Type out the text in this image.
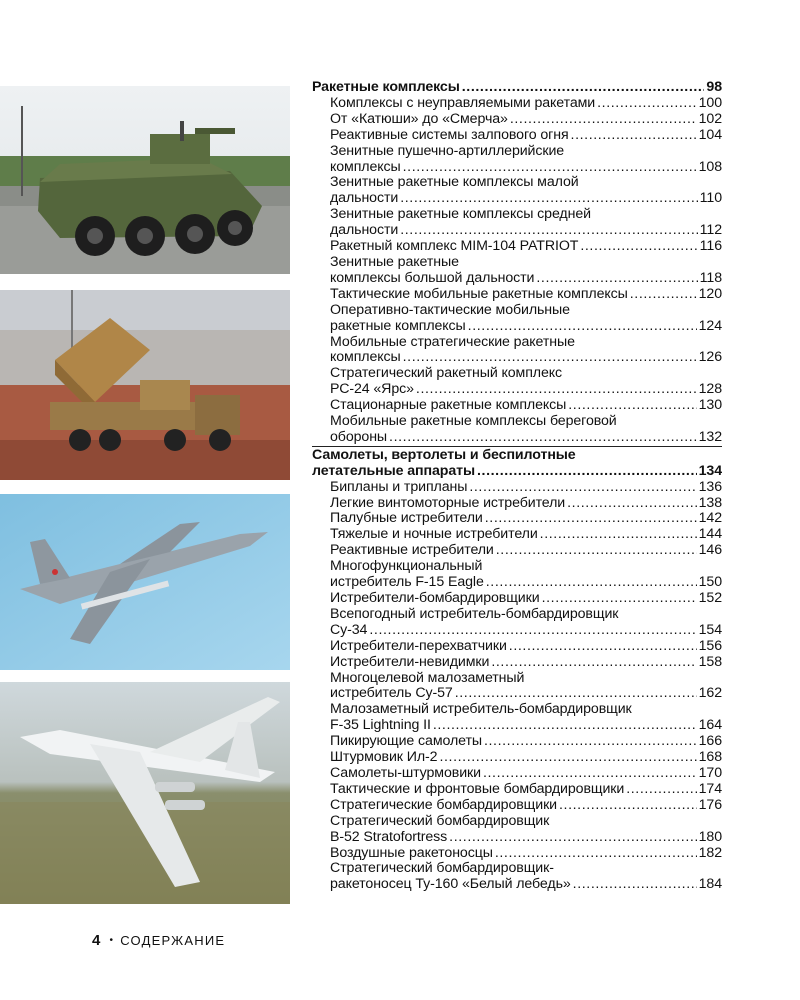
Ракетные комплексы .....	98
Комплексы с неуправляемыми ракетами .....	100
От «Катюши» до «Смерча» .....	102
Реактивные системы залпового огня .....	104
Зенитные пушечно-артиллерийские
комплексы .....	108
Зенитные ракетные комплексы малой
дальности .....	110
Зенитные ракетные комплексы средней
дальности .....	112
Ракетный комплекс MIM-104 PATRIOT .....	116
Зенитные ракетные
комплексы большой дальности .....	118
Тактические мобильные ракетные комплексы .....	120
Оперативно-тактические мобильные
ракетные комплексы .....	124
Мобильные стратегические ракетные
комплексы .....	126
Стратегический ракетный комплекс
РС-24 «Ярс» .....	128
Стационарные ракетные комплексы .....	130
Мобильные ракетные комплексы береговой
обороны .....	132
Самолеты, вертолеты и беспилотные
летательные аппараты .....	134
Бипланы и трипланы .....	136
Легкие винтомоторные истребители .....	138
Палубные истребители .....	142
Тяжелые и ночные истребители .....	144
Реактивные истребители .....	146
Многофункциональный
истребитель F-15 Eagle .....	150
Истребители-бомбардировщики .....	152
Всепогодный истребитель-бомбардировщик
Су-34 .....	154
Истребители-перехватчики .....	156
Истребители-невидимки .....	158
Многоцелевой малозаметный
истребитель Су-57 .....	162
Малозаметный истребитель-бомбардировщик
F-35 Lightning II .....	164
Пикирующие самолеты .....	166
Штурмовик Ил-2 .....	168
Самолеты-штурмовики .....	170
Тактические и фронтовые бомбардировщики .....	174
Стратегические бомбардировщики .....	176
Стратегический бомбардировщик
B-52 Stratofortress .....	180
Воздушные ракетоносцы .....	182
Стратегический бомбардировщик-
ракетоносец Ту-160 «Белый лебедь» .....	184
4 • СОДЕРЖАНИЕ
